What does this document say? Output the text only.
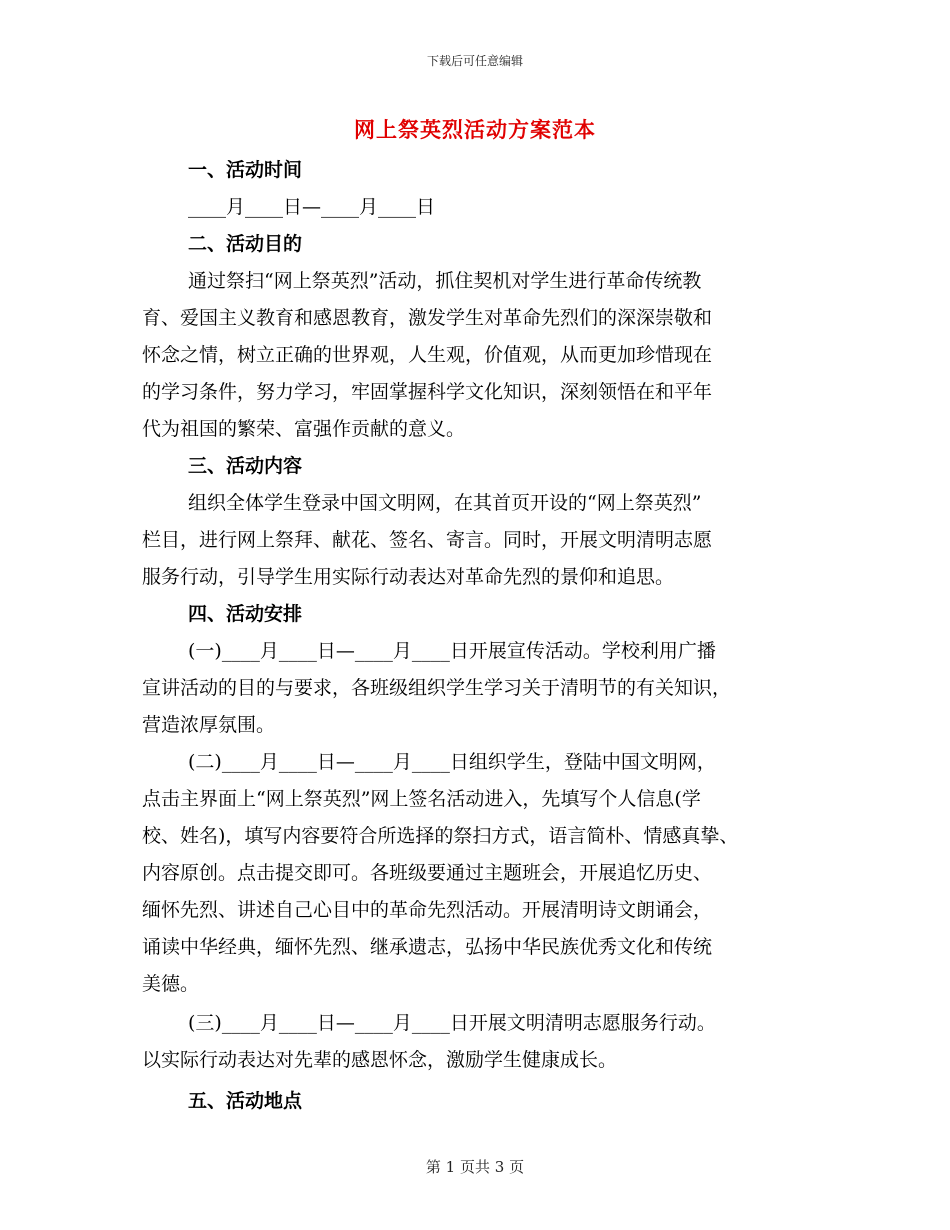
下载后可任意编辑
网上祭英烈活动方案范本
一、活动时间
____月____日—____月____日
二、活动目的
通过祭扫“网上祭英烈”活动，抓住契机对学生进行革命传统教
育、爱国主义教育和感恩教育，激发学生对革命先烈们的深深崇敬和
怀念之情，树立正确的世界观，人生观，价值观，从而更加珍惜现在
的学习条件，努力学习，牢固掌握科学文化知识，深刻领悟在和平年
代为祖国的繁荣、富强作贡献的意义。
三、活动内容
组织全体学生登录中国文明网，在其首页开设的“网上祭英烈”
栏目，进行网上祭拜、献花、签名、寄言。同时，开展文明清明志愿
服务行动，引导学生用实际行动表达对革命先烈的景仰和追思。
四、活动安排
(一)____月____日—____月____日开展宣传活动。学校利用广播
宣讲活动的目的与要求，各班级组织学生学习关于清明节的有关知识，
营造浓厚氛围。
(二)____月____日—____月____日组织学生，登陆中国文明网，
点击主界面上“网上祭英烈”网上签名活动进入，先填写个人信息(学
校、姓名)，填写内容要符合所选择的祭扫方式，语言简朴、情感真挚、
内容原创。点击提交即可。各班级要通过主题班会，开展追忆历史、
缅怀先烈、讲述自己心目中的革命先烈活动。开展清明诗文朗诵会，
诵读中华经典，缅怀先烈、继承遗志，弘扬中华民族优秀文化和传统
美德。
(三)____月____日—____月____日开展文明清明志愿服务行动。
以实际行动表达对先辈的感恩怀念，激励学生健康成长。
五、活动地点
第 1 页共 3 页
